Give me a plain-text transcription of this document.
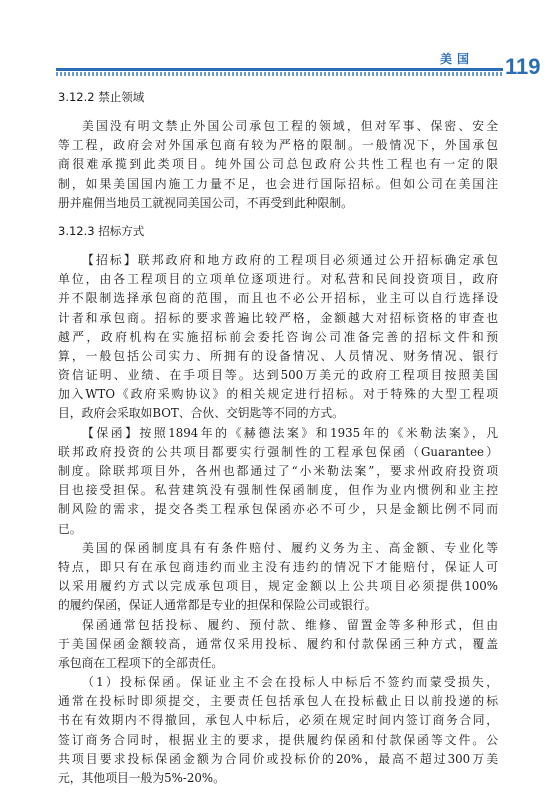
美国 119
3.12.2 禁止领域
美国没有明文禁止外国公司承包工程的领域，但对军事、保密、安全
等工程，政府会对外国承包商有较为严格的限制。一般情况下，外国承包
商很难承揽到此类项目。纯外国公司总包政府公共性工程也有一定的限
制，如果美国国内施工力量不足，也会进行国际招标。但如公司在美国注
册并雇佣当地员工就视同美国公司，不再受到此种限制。
3.12.3 招标方式
【招标】联邦政府和地方政府的工程项目必须通过公开招标确定承包
单位，由各工程项目的立项单位逐项进行。对私营和民间投资项目，政府
并不限制选择承包商的范围，而且也不必公开招标，业主可以自行选择设
计者和承包商。招标的要求普遍比较严格，金额越大对招标资格的审查也
越严，政府机构在实施招标前会委托咨询公司准备完善的招标文件和预
算，一般包括公司实力、所拥有的设备情况、人员情况、财务情况、银行
资信证明、业绩、在手项目等。达到500万美元的政府工程项目按照美国
加入WTO《政府采购协议》的相关规定进行招标。对于特殊的大型工程项
目，政府会采取如BOT、合伙、交钥匙等不同的方式。
【保函】按照1894年的《赫德法案》和1935年的《米勒法案》，凡
联邦政府投资的公共项目都要实行强制性的工程承包保函（Guarantee）
制度。除联邦项目外，各州也都通过了“小米勒法案”，要求州政府投资项
目也接受担保。私营建筑没有强制性保函制度，但作为业内惯例和业主控
制风险的需求，提交各类工程承包保函亦必不可少，只是金额比例不同而
已。
美国的保函制度具有有条件赔付、履约义务为主、高金额、专业化等
特点，即只有在承包商违约而业主没有违约的情况下才能赔付，保证人可
以采用履约方式以完成承包项目，规定金额以上公共项目必须提供100%
的履约保函，保证人通常都是专业的担保和保险公司或银行。
保函通常包括投标、履约、预付款、维修、留置金等多种形式，但由
于美国保函金额较高，通常仅采用投标、履约和付款保函三种方式，覆盖
承包商在工程项下的全部责任。
（1）投标保函。保证业主不会在投标人中标后不签约而蒙受损失，
通常在投标时即须提交，主要责任包括承包人在投标截止日以前投递的标
书在有效期内不得撤回，承包人中标后，必须在规定时间内签订商务合同，
签订商务合同时，根据业主的要求，提供履约保函和付款保函等文件。公
共项目要求投标保函金额为合同价或投标价的20%，最高不超过300万美
元，其他项目一般为5%-20%。
